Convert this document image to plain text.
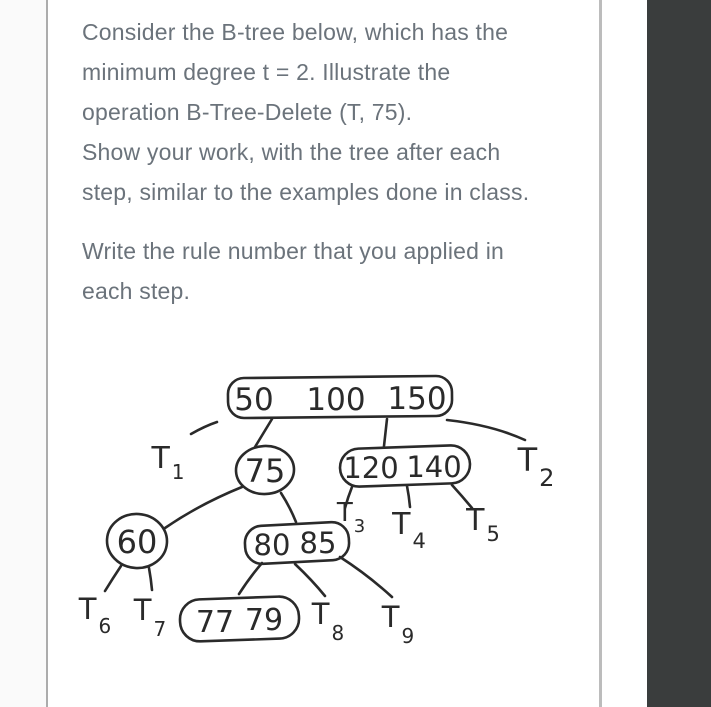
Consider the B-tree below, which has the
minimum degree t = 2. Illustrate the
operation B-Tree-Delete (T, 75).
Show your work, with the tree after each
step, similar to the examples done in class.

Write the rule number that you applied in
each step.

50 100 150
75 120 140
60	80 85
77 79
T $_1$	$T_2$
$T_3$ $T_4$
$T_5$
T $_6$ $T_7$	$T_8$ $T_9$
